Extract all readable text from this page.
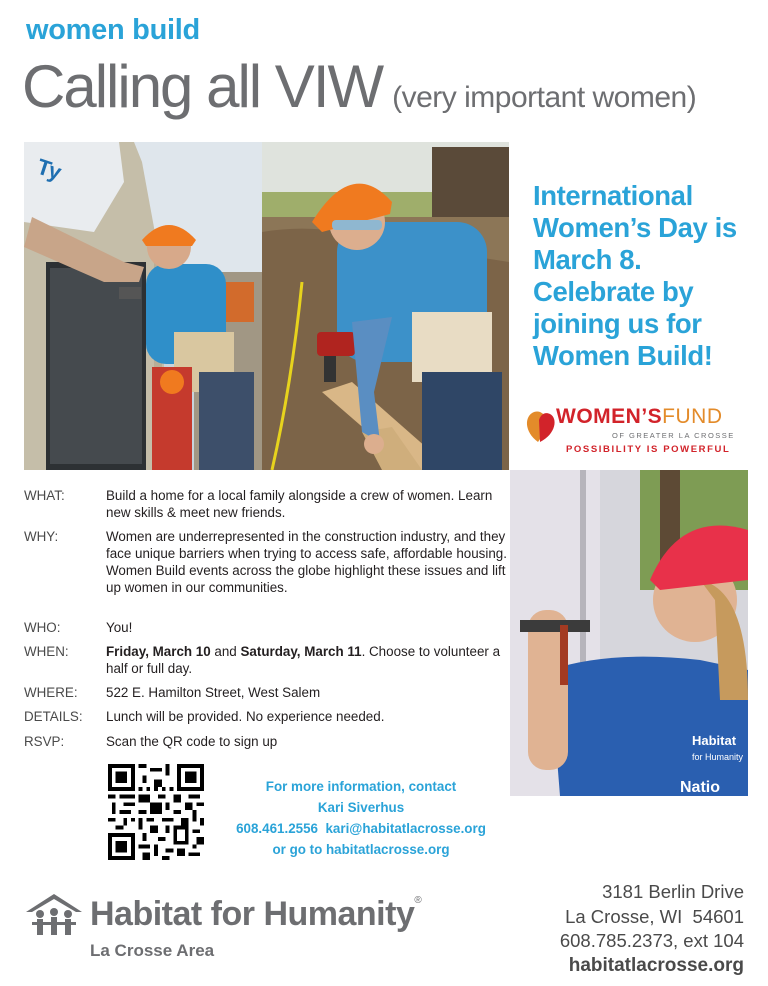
women build
Calling all VIW (very important women)
Ty
Habitat
for Humanity
Natio
International Women’s Day is March 8. Celebrate by joining us for Women Build!
WOMEN’SFUND
OF GREATER LA CROSSE
POSSIBILITY IS POWERFUL
WHAT:	Build a home for a local family alongside a crew of women. Learn new skills & meet new friends.
WHY:	Women are underrepresented in the construction industry, and they face unique barriers when trying to access safe, affordable housing. Women Build events across the globe highlight these issues and lift up women in our communities.
WHO:	You!
WHEN:	Friday, March 10 and Saturday, March 11. Choose to volunteer a half or full day.
WHERE:	522 E. Hamilton Street, West Salem
DETAILS:	Lunch will be provided. No experience needed.
RSVP:	Scan the QR code to sign up
For more information, contact
Kari Siverhus
608.461.2556 kari@habitatlacrosse.org
or go to habitatlacrosse.org
Habitat for Humanity®
La Crosse Area
3181 Berlin Drive
La Crosse, WI  54601
608.785.2373, ext 104
habitatlacrosse.org
